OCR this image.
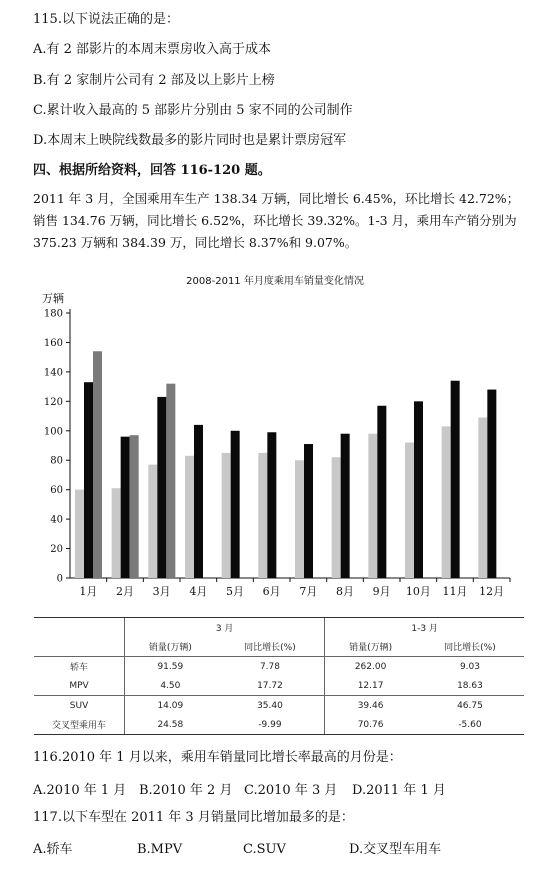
115.以下说法正确的是：
A.有 2 部影片的本周末票房收入高于成本
B.有 2 家制片公司有 2 部及以上影片上榜
C.累计收入最高的 5 部影片分别由 5 家不同的公司制作
D.本周末上映院线数最多的影片同时也是累计票房冠军
四、根据所给资料，回答 116-120 题。
2011 年 3 月，全国乘用车生产 138.34 万辆，同比增长 6.45%，环比增长 42.72%；销售 134.76 万辆，同比增长 6.52%，环比增长 39.32%。1-3 月，乘用车产销分别为 375.23 万辆和 384.39 万，同比增长 8.37%和 9.07%。
2008-2011 年月度乘用车销量变化情况
万辆
0
20
40
60
80
100
120
140
160
180
1月 2月 3月 4月 5月 6月 7月 8月 9月 10月 11月 12月
	3 月		1-3 月	
	销量(万辆)	同比增长(%)	销量(万辆)	同比增长(%)
轿车	91.59	7.78	262.00	9.03
MPV	4.50	17.72	12.17	18.63
SUV	14.09	35.40	39.46	46.75
交叉型乘用车	24.58	-9.99	70.76	-5.60
116.2010 年 1 月以来，乘用车销量同比增长率最高的月份是：
A.2010 年 1 月 B.2010 年 2 月 C.2010 年 3 月 D.2011 年 1 月
117.以下车型在 2011 年 3 月销量同比增加最多的是：
A.轿车	B.MPV	C.SUV	D.交叉型车用车
